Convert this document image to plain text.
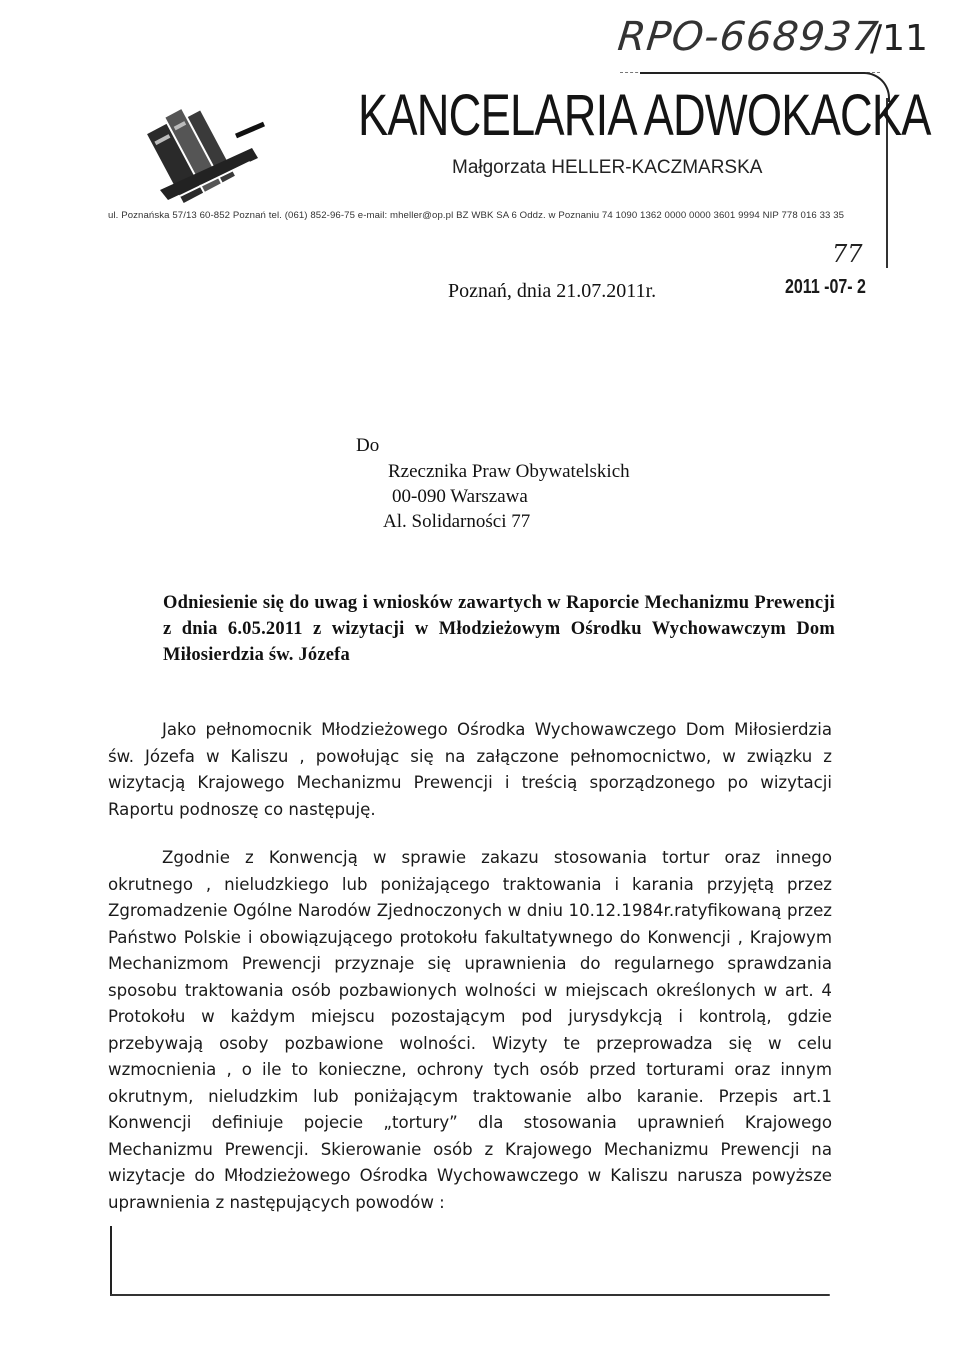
RPO-668937
/11
KANCELARIA ADWOKACKA
Małgorzata HELLER-KACZMARSKA
ul. Poznańska 57/13 60-852 Poznań tel. (061) 852-96-75 e-mail: mheller@op.pl BZ WBK SA 6 Oddz. w Poznaniu 74 1090 1362 0000 0000 3601 9994 NIP 778 016 33 35
Poznań, dnia 21.07.2011r.
77
2011 -07- 2
Do
Rzecznika Praw Obywatelskich
00-090 Warszawa
Al. Solidarności 77
Odniesienie się do uwag i wniosków zawartych w Raporcie Mechanizmu Prewencji z dnia 6.05.2011 z wizytacji w Młodzieżowym Ośrodku Wychowawczym Dom Miłosierdzia św. Józefa

Jako pełnomocnik Młodzieżowego Ośrodka Wychowawczego Dom Miłosierdzia św. Józefa w Kaliszu , powołując się na załączone pełnomocnictwo, w związku z wizytacją Krajowego Mechanizmu Prewencji i treścią sporządzonego po wizytacji Raportu podnoszę co następuję.

Zgodnie z Konwencją w sprawie zakazu stosowania tortur oraz innego okrutnego , nieludzkiego lub poniżającego traktowania i karania przyjętą przez Zgromadzenie Ogólne Narodów Zjednoczonych w dniu 10.12.1984r.ratyfikowaną przez Państwo Polskie i obowiązującego protokołu fakultatywnego do Konwencji , Krajowym Mechanizmom Prewencji przyznaje się uprawnienia do regularnego sprawdzania sposobu traktowania osób pozbawionych wolności w miejscach określonych w art. 4 Protokołu w każdym miejscu pozostającym pod jurysdykcją i kontrolą, gdzie przebywają osoby pozbawione wolności. Wizyty te przeprowadza się w celu wzmocnienia , o ile to konieczne, ochrony tych osób przed torturami oraz innym okrutnym, nieludzkim lub poniżającym traktowanie albo karanie. Przepis art.1 Konwencji definiuje pojecie „tortury” dla stosowania uprawnień Krajowego Mechanizmu Prewencji. Skierowanie osób z Krajowego Mechanizmu Prewencji na wizytacje do Młodzieżowego Ośrodka Wychowawczego w Kaliszu narusza powyższe uprawnienia z następujących powodów :
